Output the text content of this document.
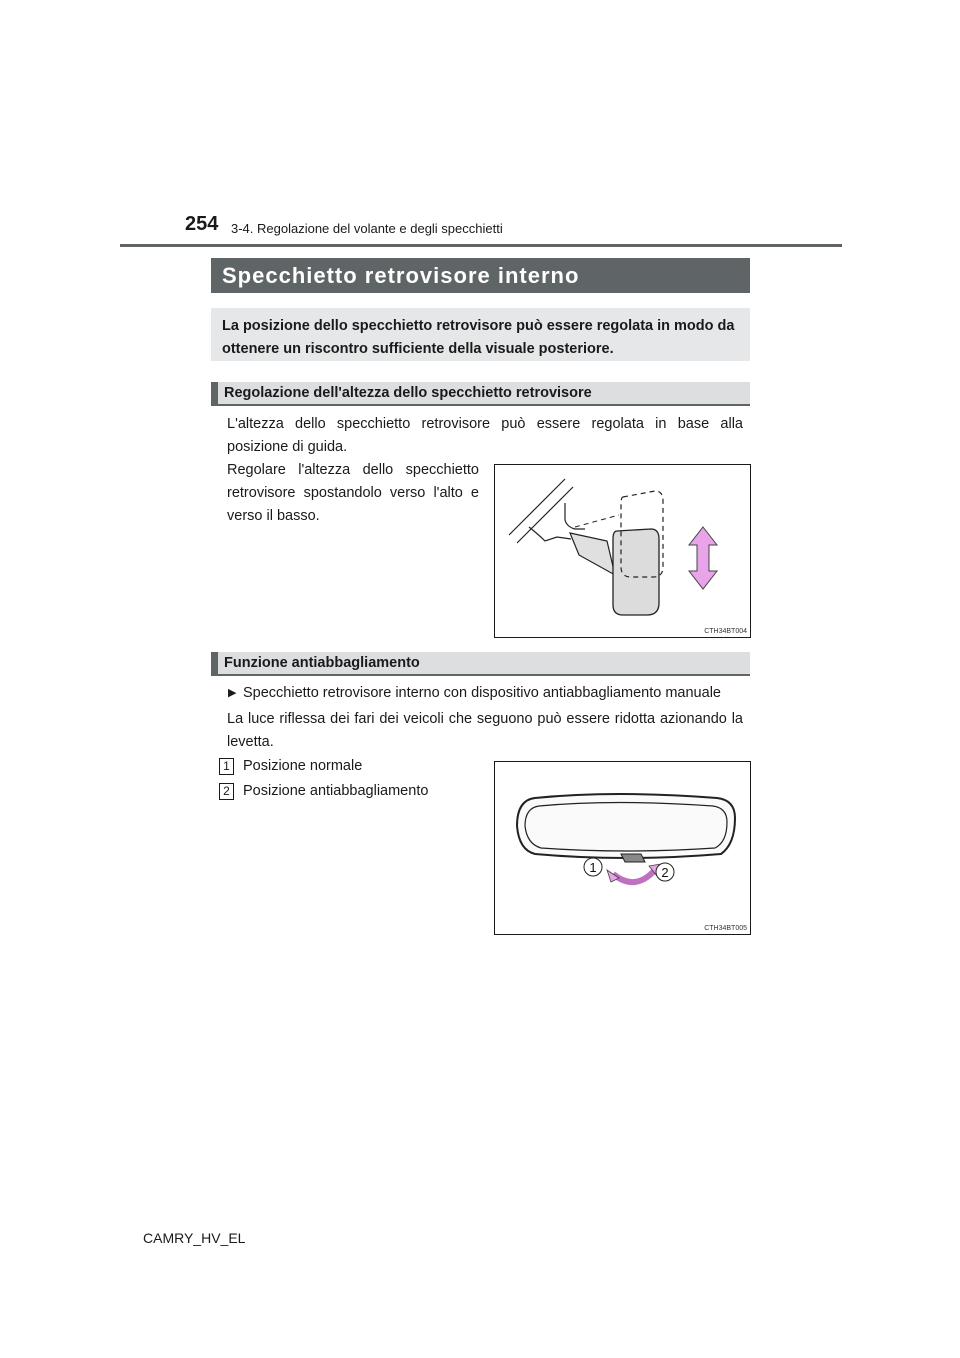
254 3-4. Regolazione del volante e degli specchietti
Specchietto retrovisore interno
La posizione dello specchietto retrovisore può essere regolata in modo da ottenere un riscontro sufficiente della visuale posteriore.
Regolazione dell'altezza dello specchietto retrovisore
L'altezza dello specchietto retrovisore può essere regolata in base alla posizione di guida.
Regolare l'altezza dello specchietto retrovisore spostandolo verso l'alto e verso il basso.
CTH34BT004
Funzione antiabbagliamento
▶ Specchietto retrovisore interno con dispositivo antiabbagliamento manuale
La luce riflessa dei fari dei veicoli che seguono può essere ridotta azionando la levetta.
1 Posizione normale
2 Posizione antiabbagliamento
1	2
CTH34BT005
CAMRY_HV_EL
